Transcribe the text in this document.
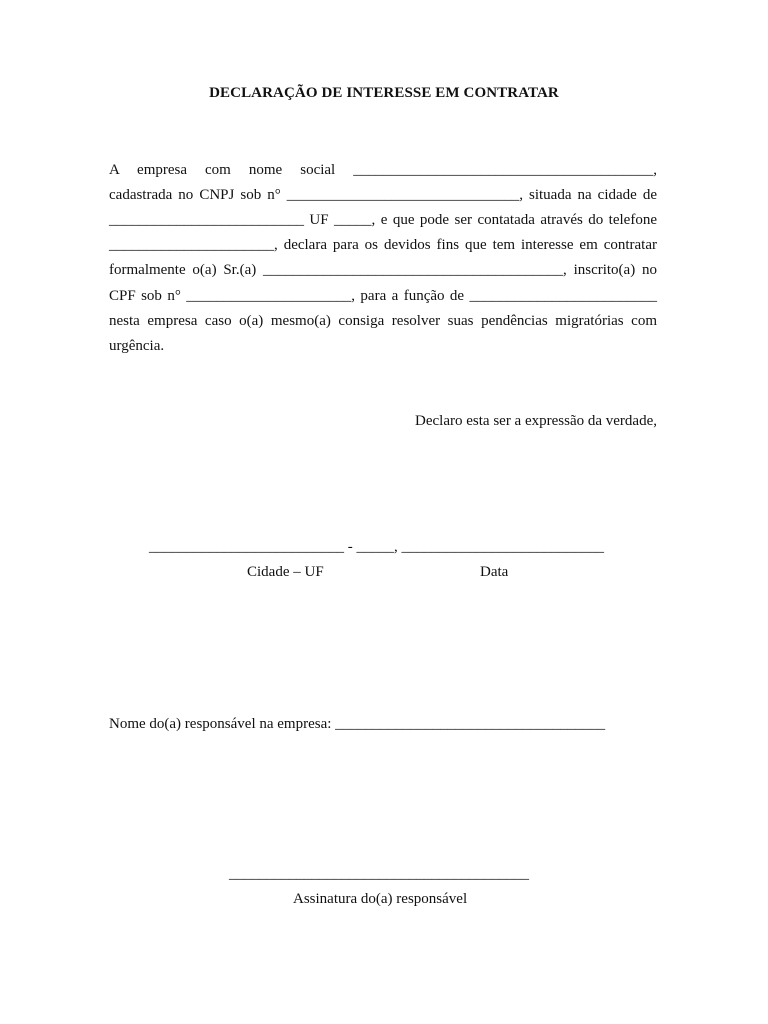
DECLARAÇÃO DE INTERESSE EM CONTRATAR
A empresa com nome social ________________________________________,
cadastrada no CNPJ sob n° _______________________________, situada na cidade de
__________________________ UF _____, e que pode ser contatada através do telefone
______________________, declara para os devidos fins que tem interesse em contratar
formalmente o(a) Sr.(a) ________________________________________, inscrito(a) no
CPF sob n° ______________________, para a função de _________________________
nesta empresa caso o(a) mesmo(a) consiga resolver suas pendências migratórias com
urgência.
Declaro esta ser a expressão da verdade,
__________________________ - _____, ___________________________
Cidade – UF	Data
Nome do(a) responsável na empresa: ____________________________________
________________________________________
Assinatura do(a) responsável
